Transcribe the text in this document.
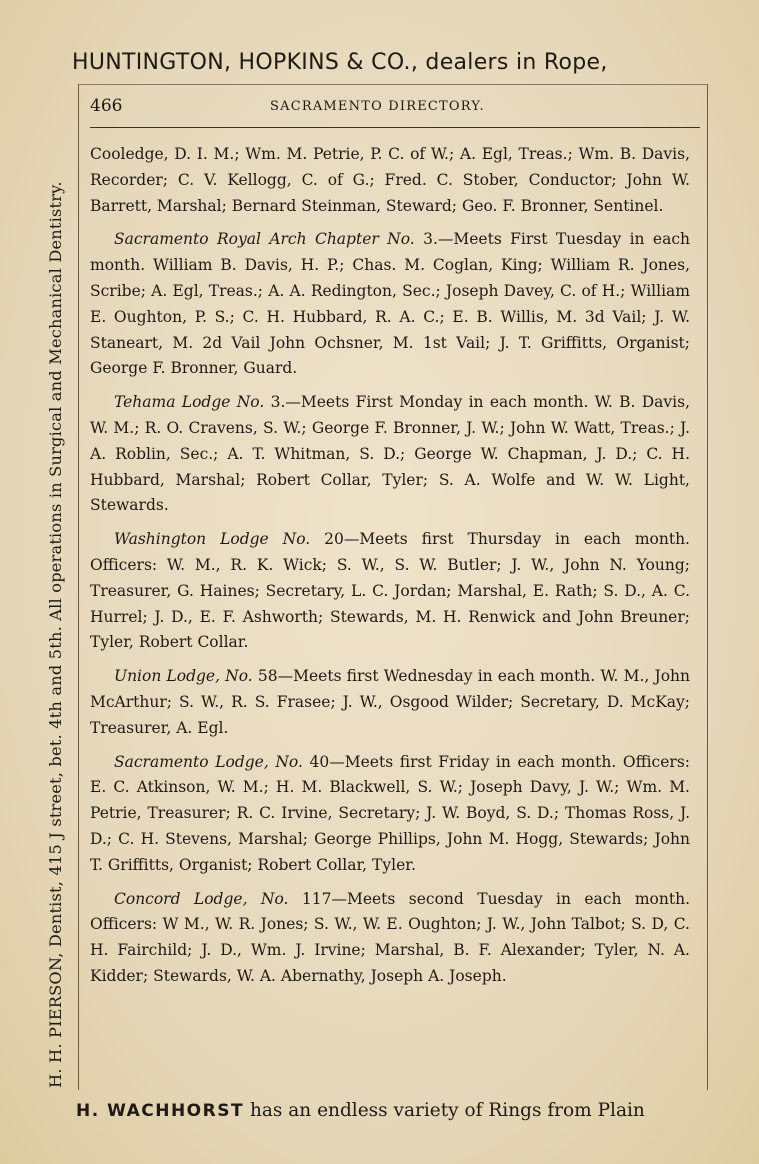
HUNTINGTON, HOPKINS & CO., dealers in Rope,
H. H. PIERSON, Dentist, 415 J street, bet. 4th and 5th. All operations in Surgical and Mechanical Dentistry.
466	SACRAMENTO DIRECTORY.

Cooledge, D. I. M.; Wm. M. Petrie, P. C. of W.; A. Egl, Treas.; Wm. B. Davis, Recorder; C. V. Kellogg, C. of G.; Fred. C. Stober, Conductor; John W. Barrett, Marshal; Bernard Steinman, Steward; Geo. F. Bronner, Sentinel.

Sacramento Royal Arch Chapter No. 3.—Meets First Tuesday in each month. William B. Davis, H. P.; Chas. M. Coglan, King; William R. Jones, Scribe; A. Egl, Treas.; A. A. Redington, Sec.; Joseph Davey, C. of H.; William E. Oughton, P. S.; C. H. Hubbard, R. A. C.; E. B. Willis, M. 3d Vail; J. W. Staneart, M. 2d Vail John Ochsner, M. 1st Vail; J. T. Griffitts, Organist; George F. Bronner, Guard.

Tehama Lodge No. 3.—Meets First Monday in each month. W. B. Davis, W. M.; R. O. Cravens, S. W.; George F. Bronner, J. W.; John W. Watt, Treas.; J. A. Roblin, Sec.; A. T. Whitman, S. D.; George W. Chapman, J. D.; C. H. Hubbard, Marshal; Robert Collar, Tyler; S. A. Wolfe and W. W. Light, Stewards.

Washington Lodge No. 20—Meets first Thursday in each month. Officers: W. M., R. K. Wick; S. W., S. W. Butler; J. W., John N. Young; Treasurer, G. Haines; Secretary, L. C. Jordan; Marshal, E. Rath; S. D., A. C. Hurrel; J. D., E. F. Ashworth; Stewards, M. H. Renwick and John Breuner; Tyler, Robert Collar.

Union Lodge, No. 58—Meets first Wednesday in each month. W. M., John McArthur; S. W., R. S. Frasee; J. W., Osgood Wilder; Secretary, D. McKay; Treasurer, A. Egl.

Sacramento Lodge, No. 40—Meets first Friday in each month. Officers: E. C. Atkinson, W. M.; H. M. Blackwell, S. W.; Joseph Davy, J. W.; Wm. M. Petrie, Treasurer; R. C. Irvine, Secretary; J. W. Boyd, S. D.; Thomas Ross, J. D.; C. H. Stevens, Marshal; George Phillips, John M. Hogg, Stewards; John T. Griffitts, Organist; Robert Collar, Tyler.

Concord Lodge, No. 117—Meets second Tuesday in each month. Officers: W M., W. R. Jones; S. W., W. E. Oughton; J. W., John Talbot; S. D, C. H. Fairchild; J. D., Wm. J. Irvine; Marshal, B. F. Alexander; Tyler, N. A. Kidder; Stewards, W. A. Abernathy, Joseph A. Joseph.

H. WACHHORST has an endless variety of Rings from Plain
